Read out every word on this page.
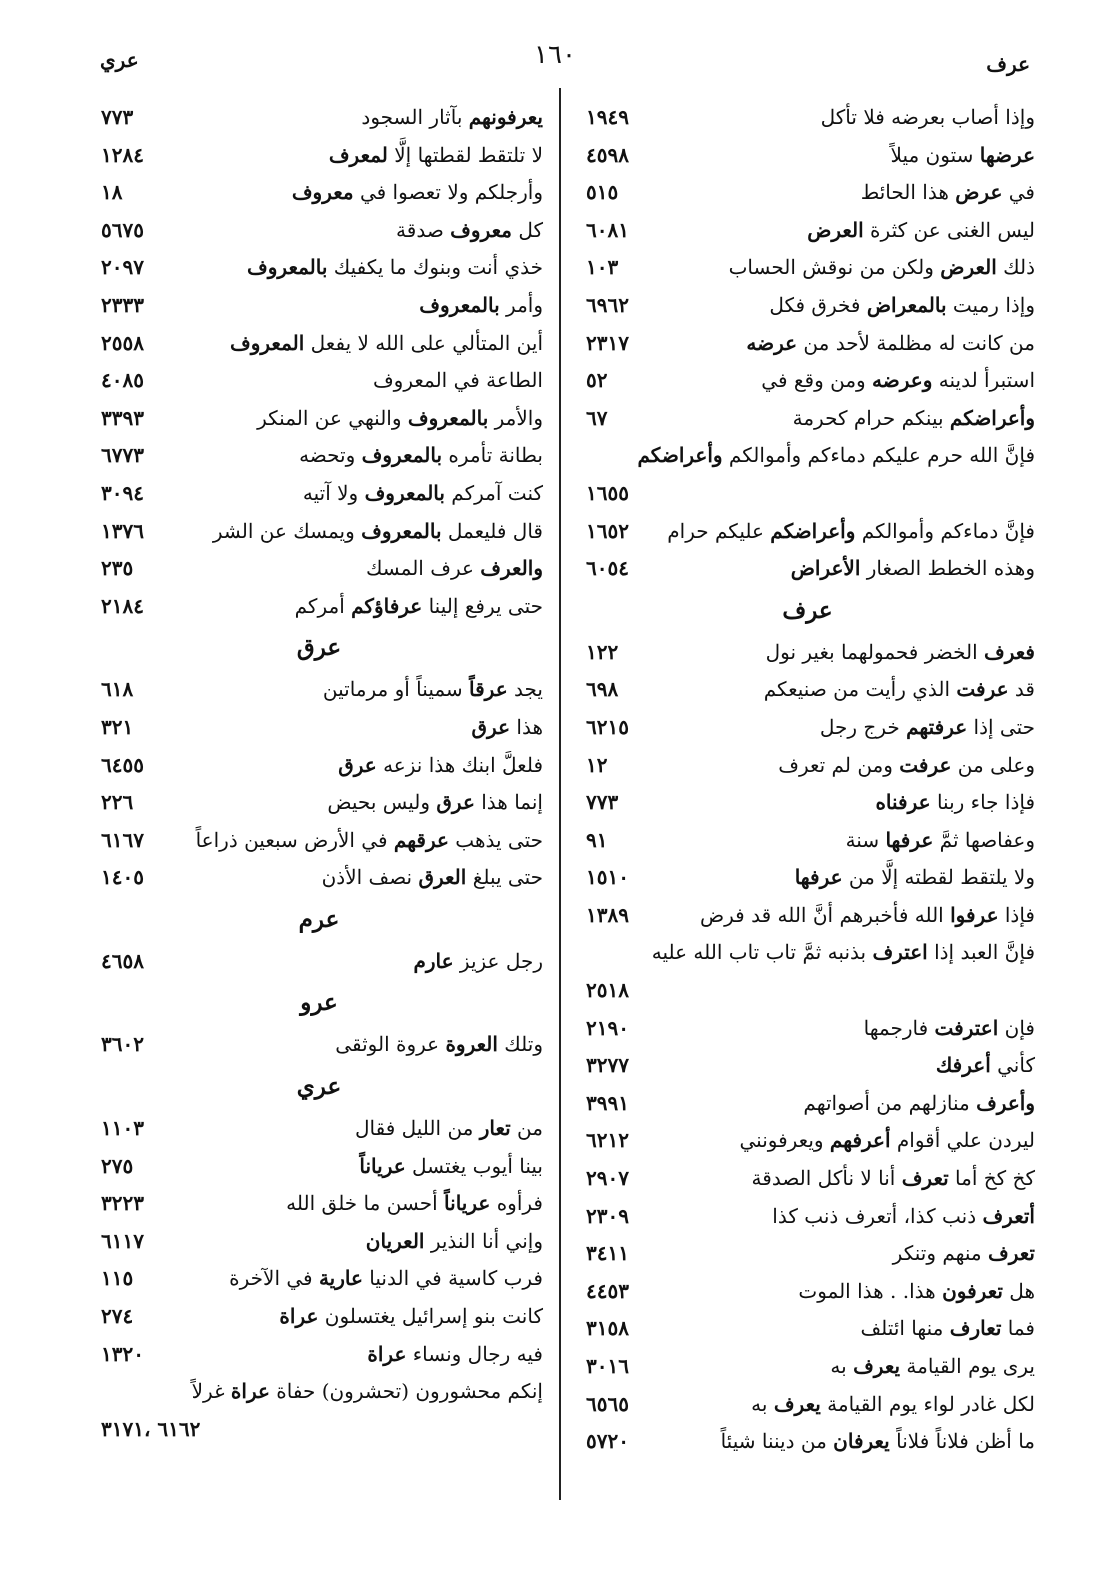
عرف
١٦٠
عري
وإذا أصاب بعرضه فلا تأكل
١٩٤٩
عرضها ستون ميلاً
٤٥٩٨
في عرض هذا الحائط
٥١٥
ليس الغنى عن كثرة العرض
٦٠٨١
ذلك العرض ولكن من نوقش الحساب
١٠٣
وإذا رميت بالمعراض فخرق فكل
٦٩٦٢
من كانت له مظلمة لأحد من عرضه
٢٣١٧
استبرأ لدينه وعرضه ومن وقع في
٥٢
وأعراضكم بينكم حرام كحرمة
٦٧
فإنَّ الله حرم عليكم دماءكم وأموالكم وأعراضكم
١٦٥٥
فإنَّ دماءكم وأموالكم وأعراضكم عليكم حرام
١٦٥٢
وهذه الخطط الصغار الأعراض
٦٠٥٤
عرف
فعرف الخضر فحمولهما بغير نول
١٢٢
قد عرفت الذي رأيت من صنيعكم
٦٩٨
حتى إذا عرفتهم خرج رجل
٦٢١٥
وعلى من عرفت ومن لم تعرف
١٢
فإذا جاء ربنا عرفناه
٧٧٣
وعفاصها ثمَّ عرفها سنة
٩١
ولا يلتقط لقطته إلَّا من عرفها
١٥١٠
فإذا عرفوا الله فأخبرهم أنَّ الله قد فرض
١٣٨٩
فإنَّ العبد إذا اعترف بذنبه ثمَّ تاب تاب الله عليه
٢٥١٨
فإن اعترفت فارجمها
٢١٩٠
كأني أعرفك
٣٢٧٧
وأعرف منازلهم من أصواتهم
٣٩٩١
ليردن علي أقوام أعرفهم ويعرفونني
٦٢١٢
كخ كخ أما تعرف أنا لا نأكل الصدقة
٢٩٠٧
أتعرف ذنب كذا، أتعرف ذنب كذا
٢٣٠٩
تعرف منهم وتنكر
٣٤١١
هل تعرفون هذا. . هذا الموت
٤٤٥٣
فما تعارف منها ائتلف
٣١٥٨
يرى يوم القيامة يعرف به
٣٠١٦
لكل غادر لواء يوم القيامة يعرف به
٦٥٦٥
ما أظن فلاناً فلاناً يعرفان من ديننا شيئاً
٥٧٢٠
يعرفونهم بآثار السجود
٧٧٣
لا تلتقط لقطتها إلَّا لمعرف
١٢٨٤
وأرجلكم ولا تعصوا في معروف
١٨
كل معروف صدقة
٥٦٧٥
خذي أنت وبنوك ما يكفيك بالمعروف
٢٠٩٧
وأمر بالمعروف
٢٣٣٣
أين المتألي على الله لا يفعل المعروف
٢٥٥٨
الطاعة في المعروف
٤٠٨٥
والأمر بالمعروف والنهي عن المنكر
٣٣٩٣
بطانة تأمره بالمعروف وتحضه
٦٧٧٣
كنت آمركم بالمعروف ولا آتيه
٣٠٩٤
قال فليعمل بالمعروف ويمسك عن الشر
١٣٧٦
والعرف عرف المسك
٢٣٥
حتى يرفع إلينا عرفاؤكم أمركم
٢١٨٤
عرق
يجد عرقاً سميناً أو مرماتين
٦١٨
هذا عرق
٣٢١
فلعلَّ ابنك هذا نزعه عرق
٦٤٥٥
إنما هذا عرق وليس بحيض
٢٢٦
حتى يذهب عرقهم في الأرض سبعين ذراعاً
٦١٦٧
حتى يبلغ العرق نصف الأذن
١٤٠٥
عرم
رجل عزيز عارم
٤٦٥٨
عرو
وتلك العروة عروة الوثقى
٣٦٠٢
عري
من تعار من الليل فقال
١١٠٣
بينا أيوب يغتسل عرياناً
٢٧٥
فرأوه عرياناً أحسن ما خلق الله
٣٢٢٣
وإني أنا النذير العريان
٦١١٧
فرب كاسية في الدنيا عارية في الآخرة
١١٥
كانت بنو إسرائيل يغتسلون عراة
٢٧٤
فيه رجال ونساء عراة
١٣٢٠
إنكم محشورون (تحشرون) حفاة عراة غرلاً
٦١٦٢ ،٣١٧١
